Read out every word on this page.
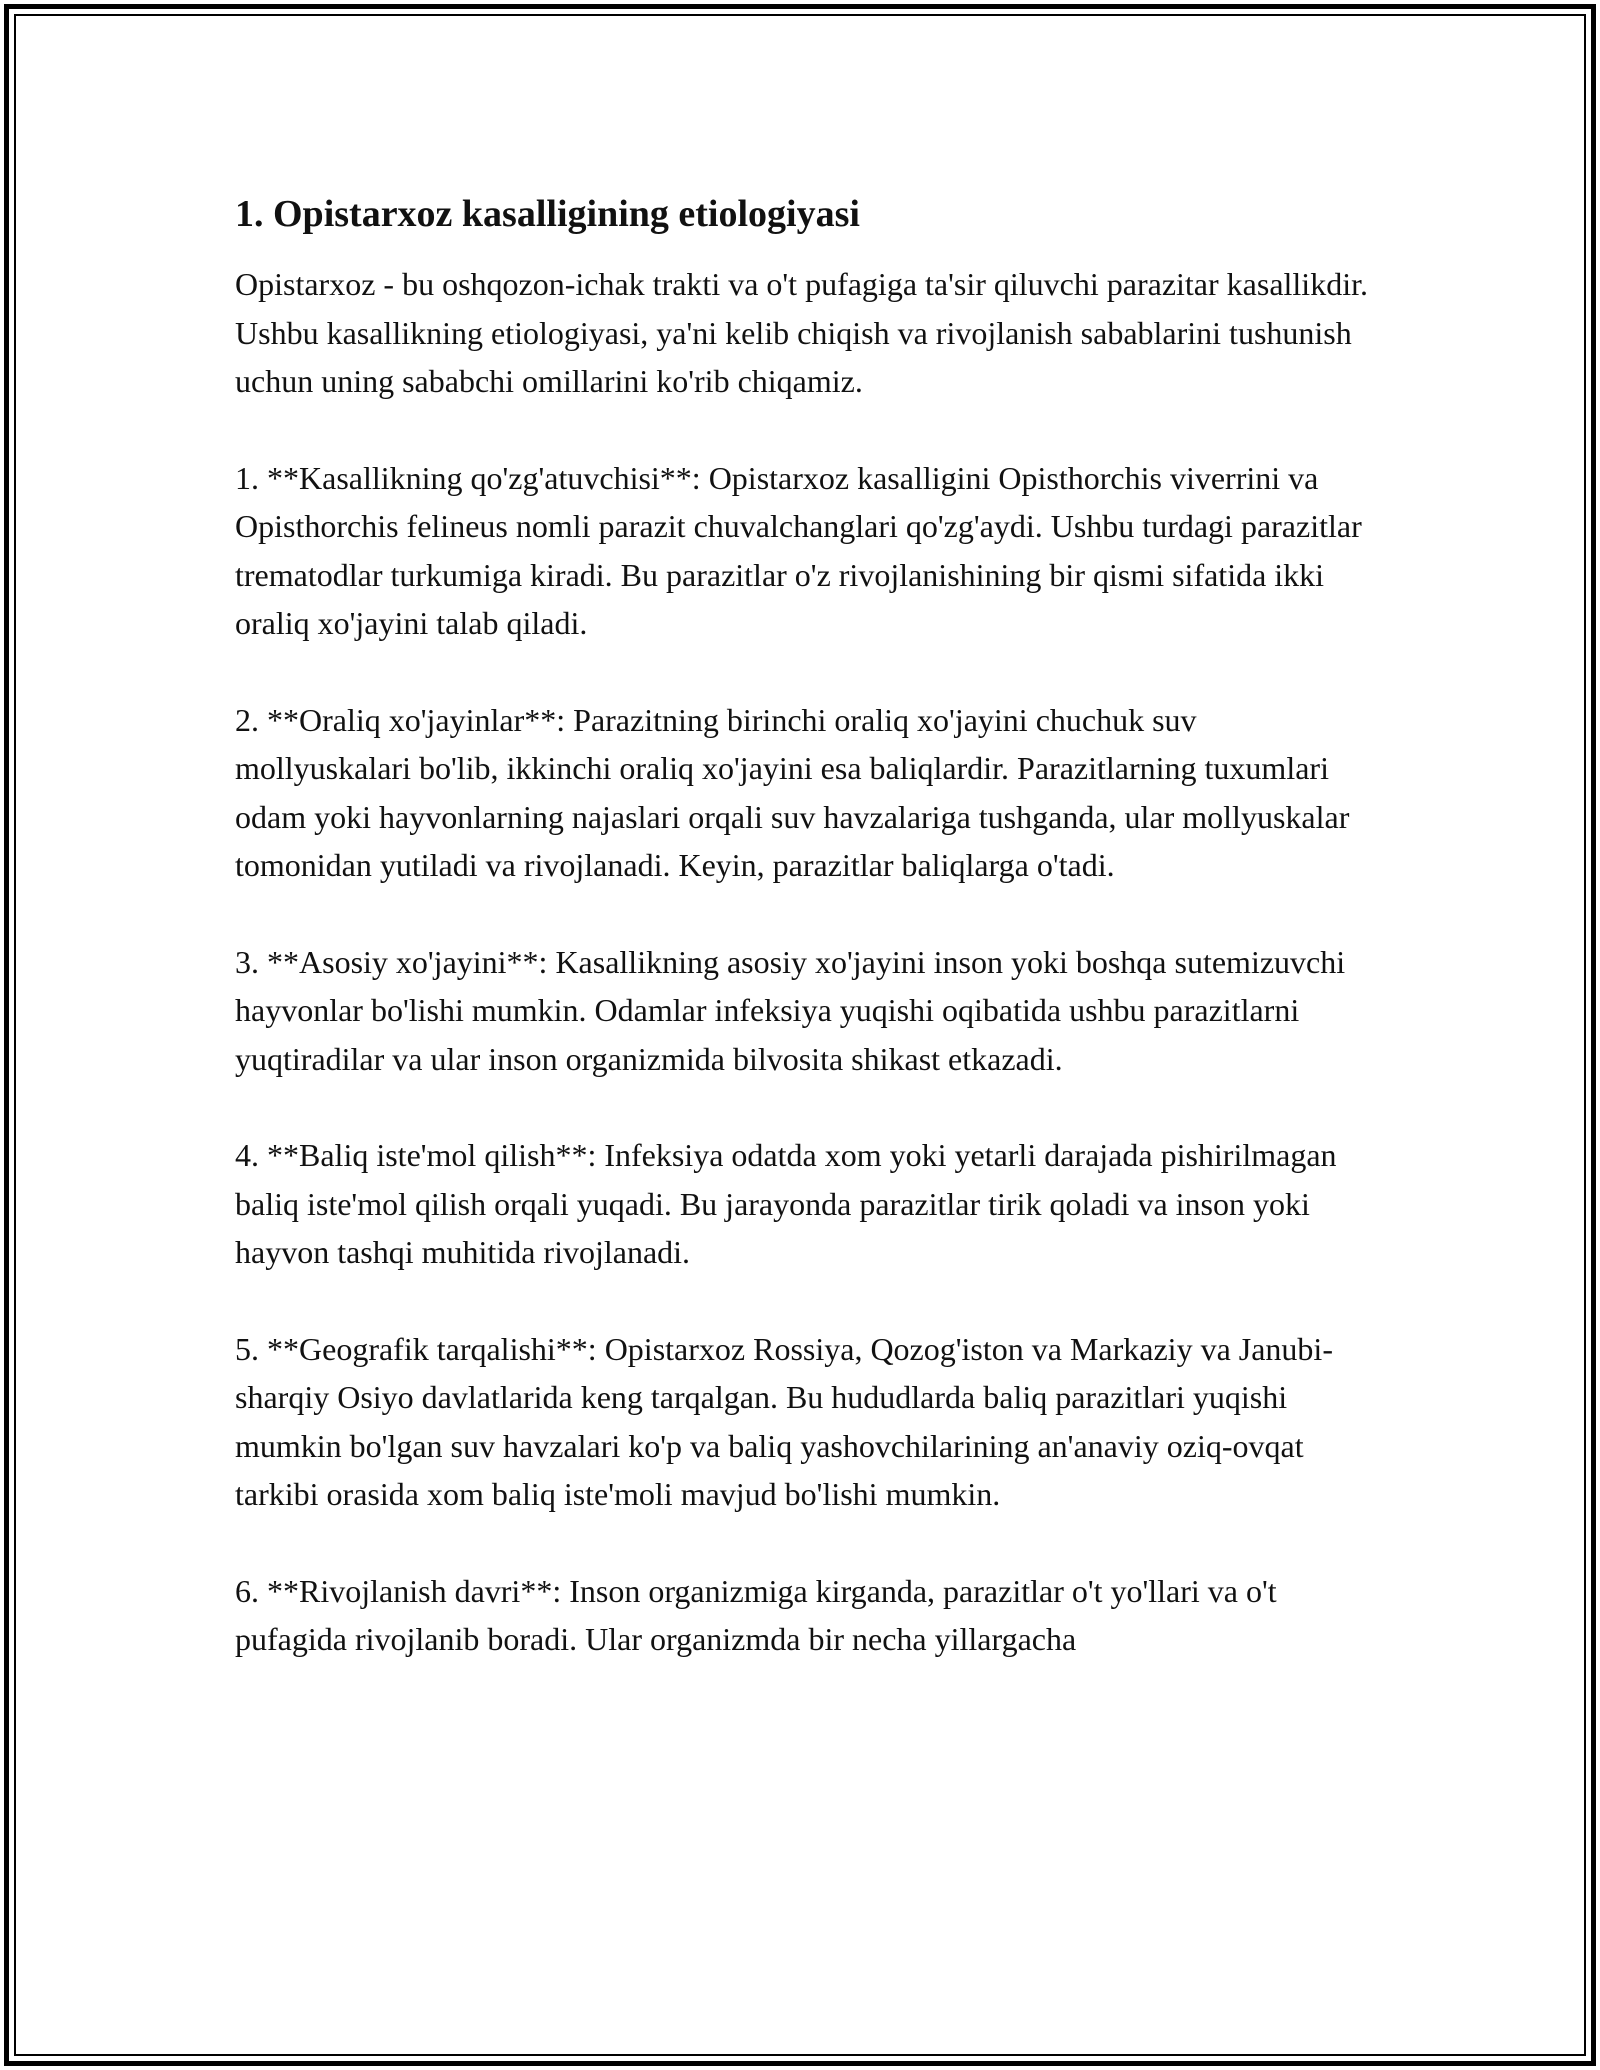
1. Opistarxoz kasalligining etiologiyasi

Opistarxoz - bu oshqozon-ichak trakti va o't pufagiga ta'sir qiluvchi parazitar kasallikdir. Ushbu kasallikning etiologiyasi, ya'ni kelib chiqish va rivojlanish sabablarini tushunish uchun uning sababchi omillarini ko'rib chiqamiz.

1. **Kasallikning qo'zg'atuvchisi**: Opistarxoz kasalligini Opisthorchis viverrini va Opisthorchis felineus nomli parazit chuvalchanglari qo'zg'aydi. Ushbu turdagi parazitlar trematodlar turkumiga kiradi. Bu parazitlar o'z rivojlanishining bir qismi sifatida ikki oraliq xo'jayini talab qiladi.

2. **Oraliq xo'jayinlar**: Parazitning birinchi oraliq xo'jayini chuchuk suv mollyuskalari bo'lib, ikkinchi oraliq xo'jayini esa baliqlardir. Parazitlarning tuxumlari odam yoki hayvonlarning najaslari orqali suv havzalariga tushganda, ular mollyuskalar tomonidan yutiladi va rivojlanadi. Keyin, parazitlar baliqlarga o'tadi.

3. **Asosiy xo'jayini**: Kasallikning asosiy xo'jayini inson yoki boshqa sutemizuvchi hayvonlar bo'lishi mumkin. Odamlar infeksiya yuqishi oqibatida ushbu parazitlarni yuqtiradilar va ular inson organizmida bilvosita shikast etkazadi.

4. **Baliq iste'mol qilish**: Infeksiya odatda xom yoki yetarli darajada pishirilmagan baliq iste'mol qilish orqali yuqadi. Bu jarayonda parazitlar tirik qoladi va inson yoki hayvon tashqi muhitida rivojlanadi.

5. **Geografik tarqalishi**: Opistarxoz Rossiya, Qozog'iston va Markaziy va Janubi-sharqiy Osiyo davlatlarida keng tarqalgan. Bu hududlarda baliq parazitlari yuqishi mumkin bo'lgan suv havzalari ko'p va baliq yashovchilarining an'anaviy oziq-ovqat tarkibi orasida xom baliq iste'moli mavjud bo'lishi mumkin.

6. **Rivojlanish davri**: Inson organizmiga kirganda, parazitlar o't yo'llari va o't pufagida rivojlanib boradi. Ular organizmda bir necha yillargacha
